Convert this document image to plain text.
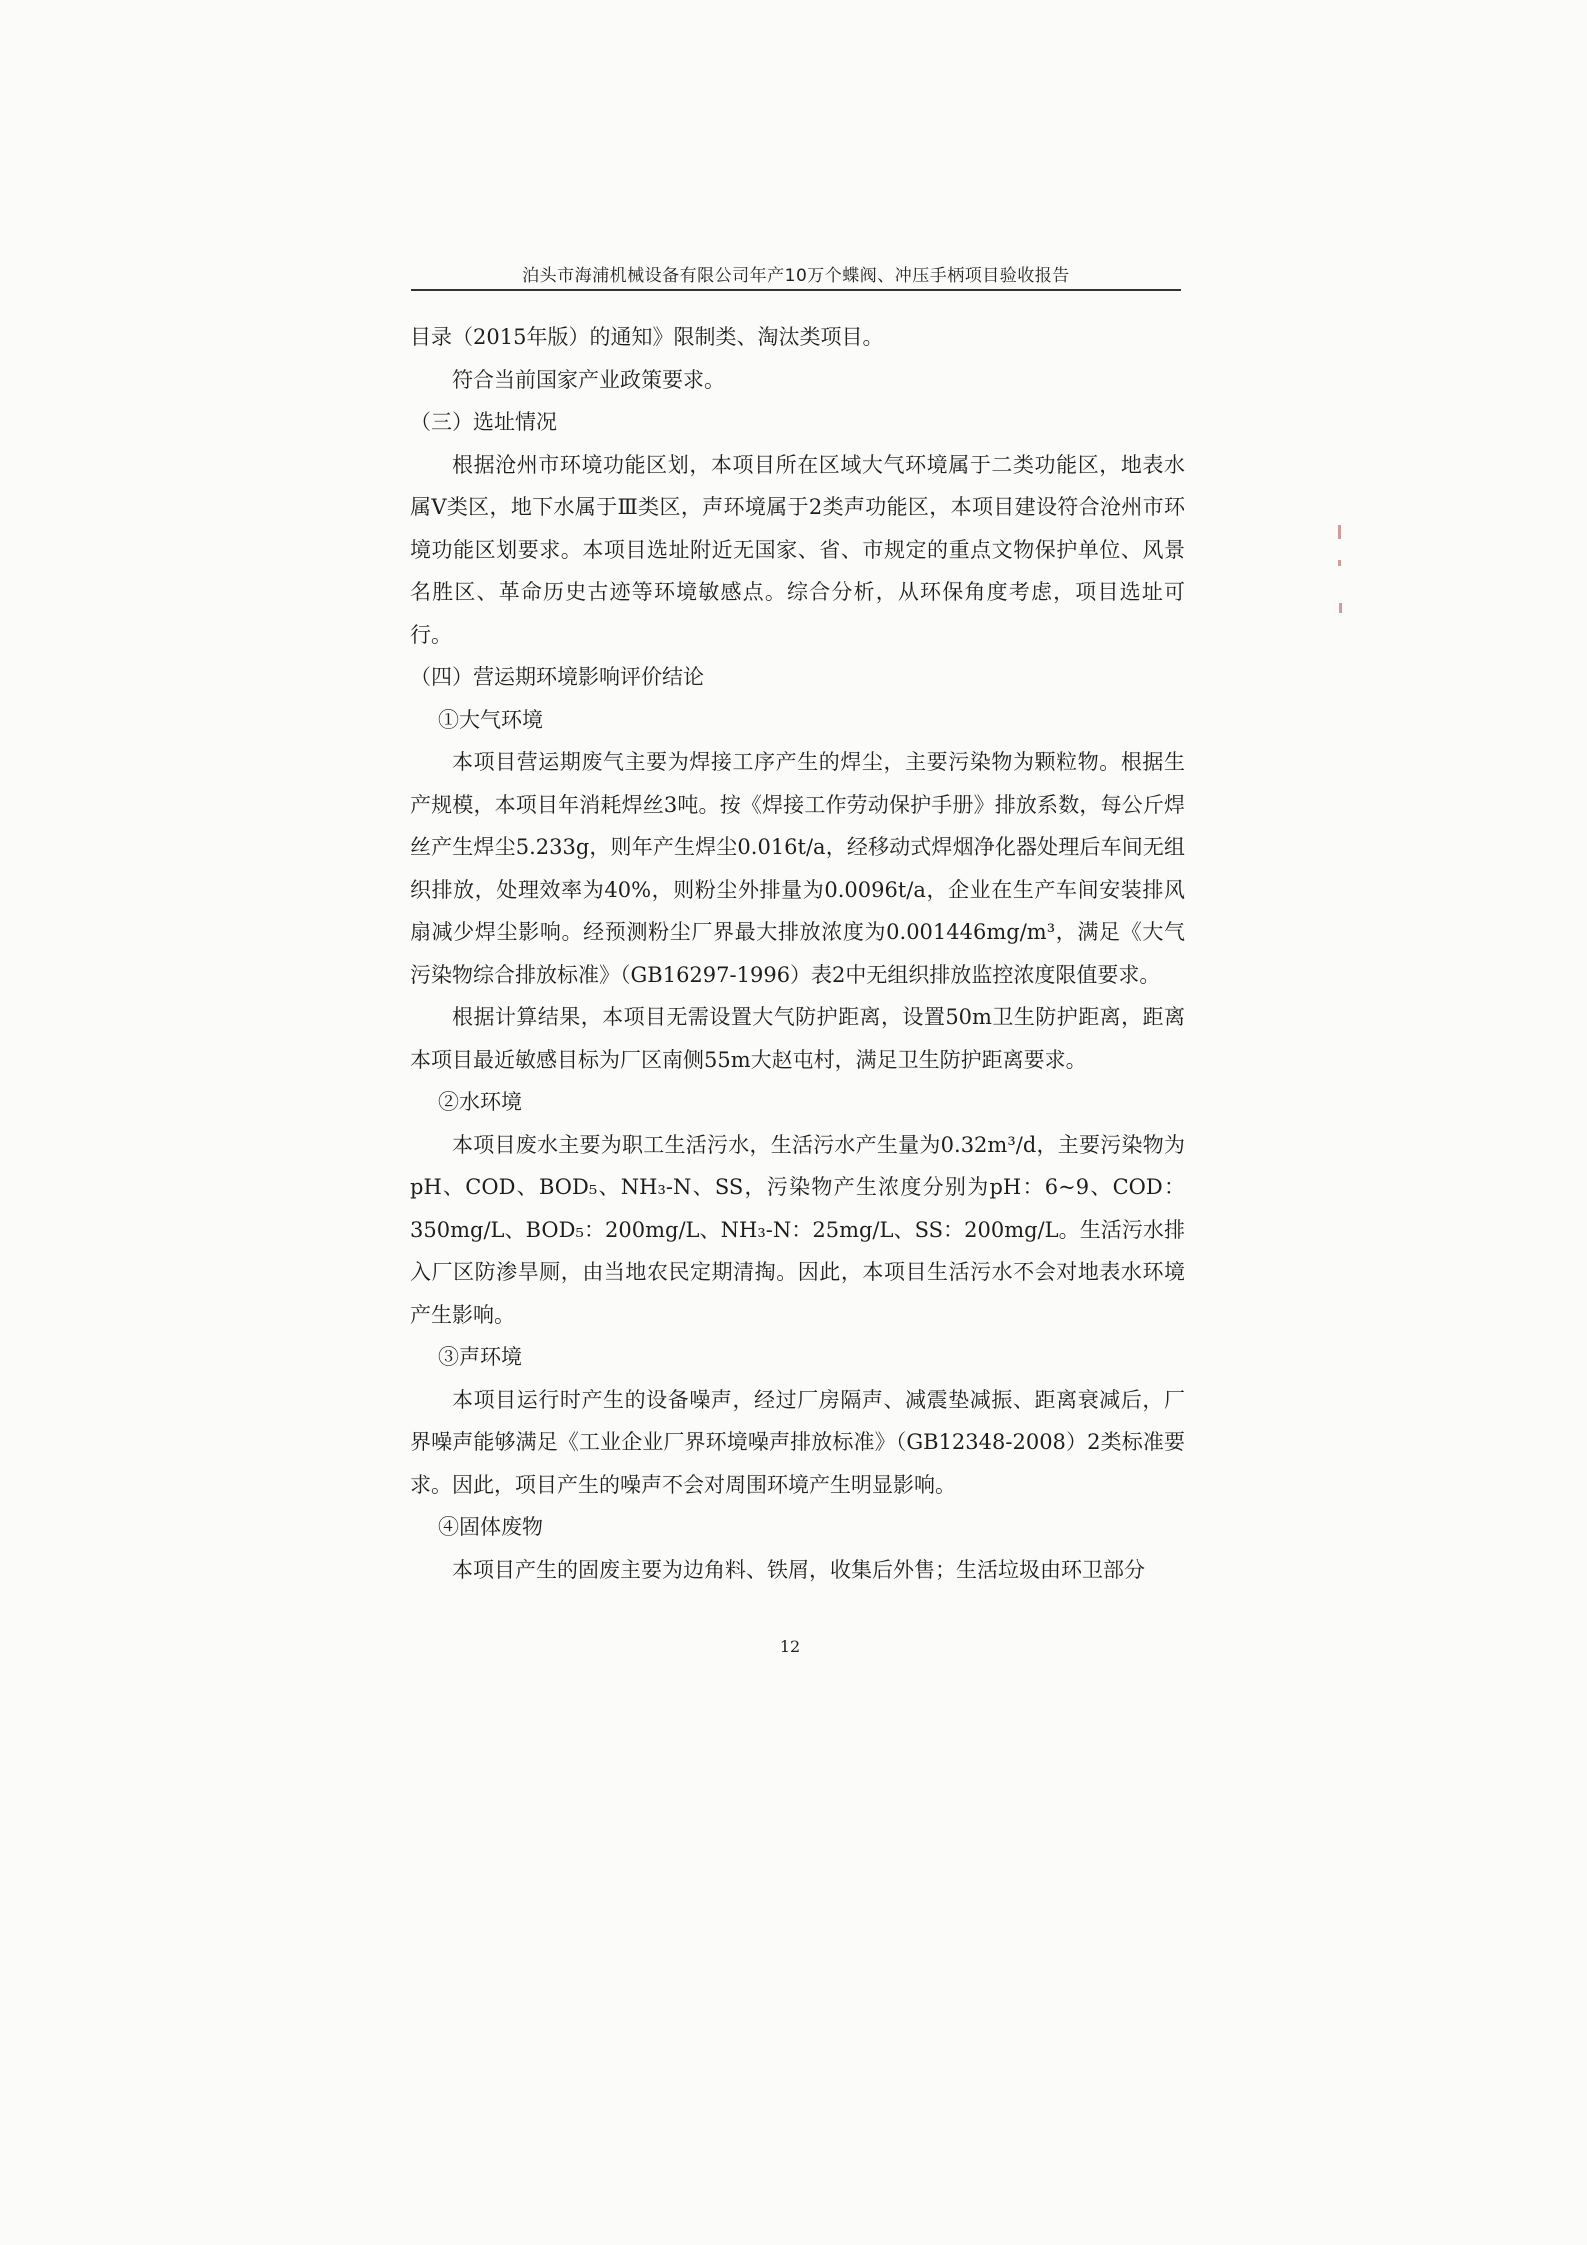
泊头市海浦机械设备有限公司年产10万个蝶阀、冲压手柄项目验收报告

目录（2015年版）的通知》限制类、淘汰类项目。

符合当前国家产业政策要求。

（三）选址情况

根据沧州市环境功能区划，本项目所在区域大气环境属于二类功能区，地表水属Ⅴ类区，地下水属于Ⅲ类区，声环境属于2类声功能区，本项目建设符合沧州市环境功能区划要求。本项目选址附近无国家、省、市规定的重点文物保护单位、风景名胜区、革命历史古迹等环境敏感点。综合分析，从环保角度考虑，项目选址可行。

（四）营运期环境影响评价结论

①大气环境

本项目营运期废气主要为焊接工序产生的焊尘，主要污染物为颗粒物。根据生产规模，本项目年消耗焊丝3吨。按《焊接工作劳动保护手册》排放系数，每公斤焊丝产生焊尘5.233g，则年产生焊尘0.016t/a，经移动式焊烟净化器处理后车间无组织排放，处理效率为40%，则粉尘外排量为0.0096t/a，企业在生产车间安装排风扇减少焊尘影响。经预测粉尘厂界最大排放浓度为0.001446mg/m³，满足《大气污染物综合排放标准》（GB16297-1996）表2中无组织排放监控浓度限值要求。

根据计算结果，本项目无需设置大气防护距离，设置50m卫生防护距离，距离本项目最近敏感目标为厂区南侧55m大赵屯村，满足卫生防护距离要求。

②水环境

本项目废水主要为职工生活污水，生活污水产生量为0.32m³/d，主要污染物为pH、COD、BOD₅、NH₃-N、SS，污染物产生浓度分别为pH：6~9、COD：350mg/L、BOD₅：200mg/L、NH₃-N：25mg/L、SS：200mg/L。生活污水排入厂区防渗旱厕，由当地农民定期清掏。因此，本项目生活污水不会对地表水环境产生影响。

③声环境

本项目运行时产生的设备噪声，经过厂房隔声、减震垫减振、距离衰减后，厂界噪声能够满足《工业企业厂界环境噪声排放标准》（GB12348-2008）2类标准要求。因此，项目产生的噪声不会对周围环境产生明显影响。

④固体废物

本项目产生的固废主要为边角料、铁屑，收集后外售；生活垃圾由环卫部分

12
